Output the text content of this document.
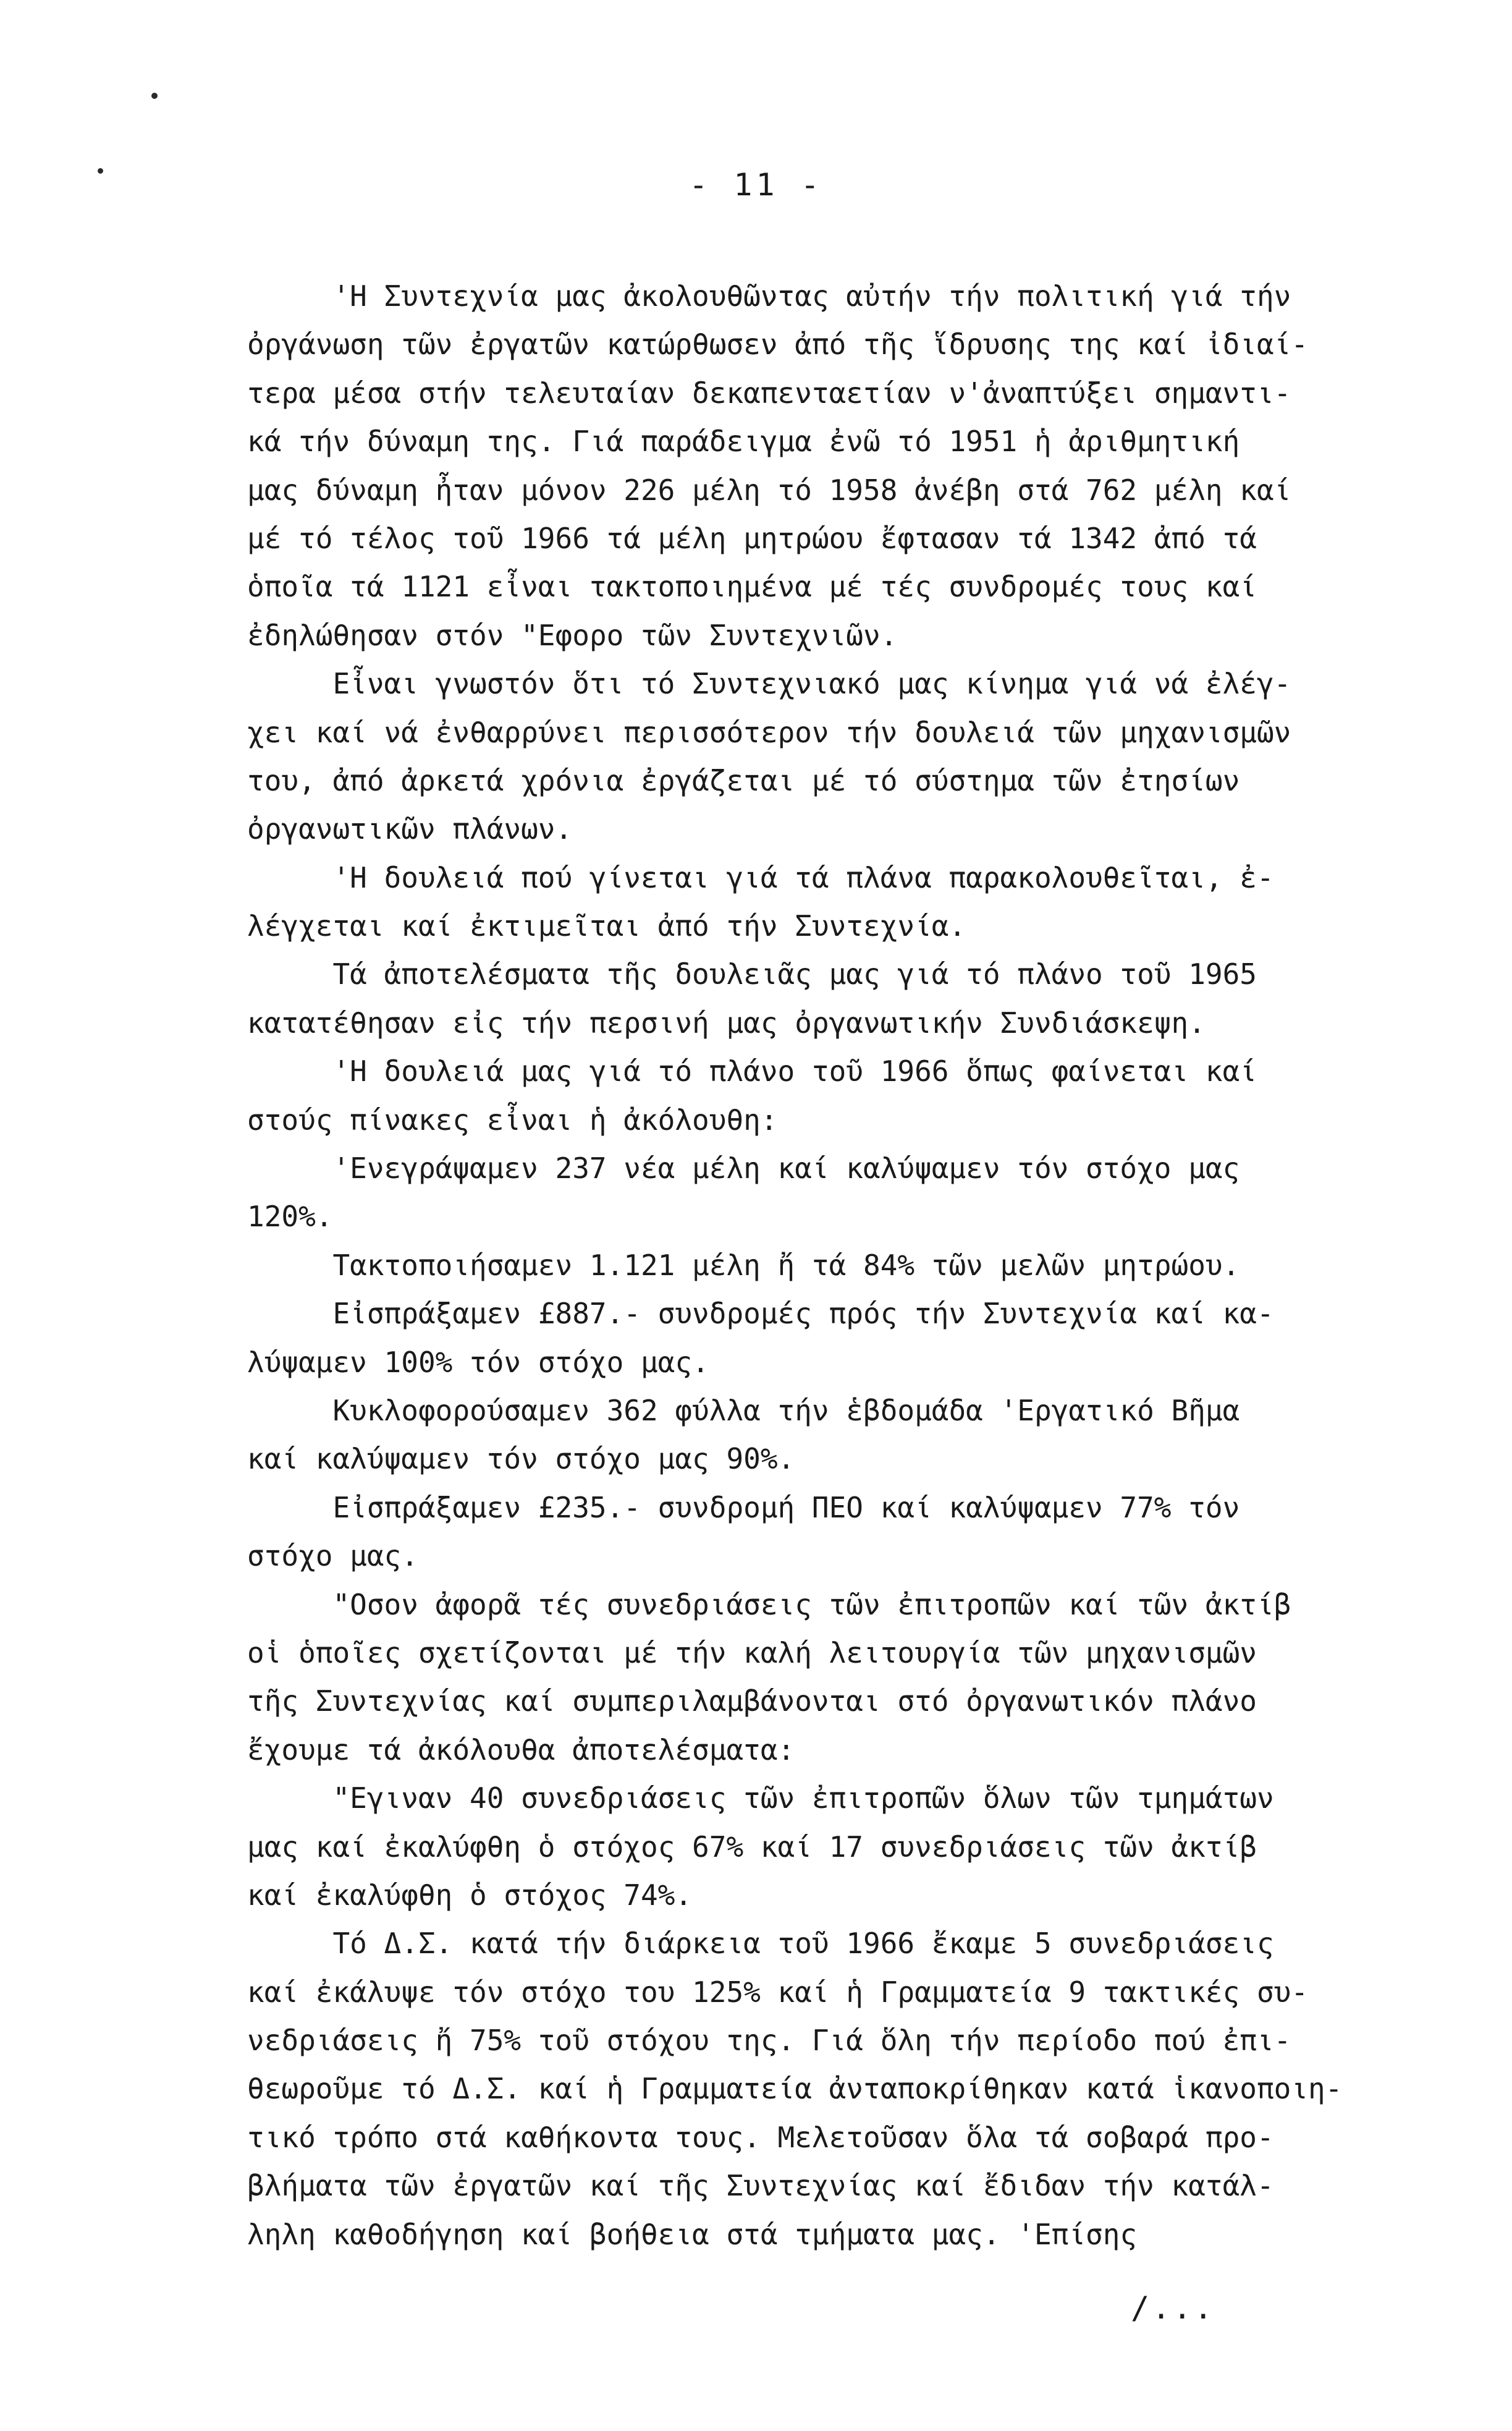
- 11 -
'Η Συντεχνία μας ἀκολουθῶντας αὐτήν τήν πολιτική γιά τήν
ὀργάνωση τῶν ἐργατῶν κατώρθωσεν ἀπό τῆς ἵδρυσης της καί ἰδιαί-
τερα μέσα στήν τελευταίαν δεκαπενταετίαν ν'ἀναπτύξει σημαντι-
κά τήν δύναμη της. Γιά παράδειγμα ἐνῶ τό 1951 ἡ ἀριθμητική
μας δύναμη ἦταν μόνον 226 μέλη τό 1958 ἀνέβη στά 762 μέλη καί
μέ τό τέλος τοῦ 1966 τά μέλη μητρώου ἔφτασαν τά 1342 ἀπό τά
ὁποῖα τά 1121 εἶναι τακτοποιημένα μέ τές συνδρομές τους καί
ἐδηλώθησαν στόν "Εφορο τῶν Συντεχνιῶν.
Εἶναι γνωστόν ὅτι τό Συντεχνιακό μας κίνημα γιά νά ἐλέγ-
χει καί νά ἐνθαρρύνει περισσότερον τήν δουλειά τῶν μηχανισμῶν
του, ἀπό ἀρκετά χρόνια ἐργάζεται μέ τό σύστημα τῶν ἐτησίων
ὀργανωτικῶν πλάνων.
'Η δουλειά πού γίνεται γιά τά πλάνα παρακολουθεῖται, ἐ-
λέγχεται καί ἐκτιμεῖται ἀπό τήν Συντεχνία.
Τά ἀποτελέσματα τῆς δουλειᾶς μας γιά τό πλάνο τοῦ 1965
κατατέθησαν εἰς τήν περσινή μας ὀργανωτικήν Συνδιάσκεψη.
'Η δουλειά μας γιά τό πλάνο τοῦ 1966 ὅπως φαίνεται καί
στούς πίνακες εἶναι ἡ ἀκόλουθη:
'Ενεγράψαμεν 237 νέα μέλη καί καλύψαμεν τόν στόχο μας
120%.
Τακτοποιήσαμεν 1.121 μέλη ἤ τά 84% τῶν μελῶν μητρώου.
Εἰσπράξαμεν £887.- συνδρομές πρός τήν Συντεχνία καί κα-
λύψαμεν 100% τόν στόχο μας.
Κυκλοφορούσαμεν 362 φύλλα τήν ἑβδομάδα 'Εργατικό Βῆμα
καί καλύψαμεν τόν στόχο μας 90%.
Εἰσπράξαμεν £235.- συνδρομή ΠΕΟ καί καλύψαμεν 77% τόν
στόχο μας.
"Οσον ἀφορᾶ τές συνεδριάσεις τῶν ἐπιτροπῶν καί τῶν ἀκτίβ
οἱ ὁποῖες σχετίζονται μέ τήν καλή λειτουργία τῶν μηχανισμῶν
τῆς Συντεχνίας καί συμπεριλαμβάνονται στό ὀργανωτικόν πλάνο
ἔχουμε τά ἀκόλουθα ἀποτελέσματα:
"Εγιναν 40 συνεδριάσεις τῶν ἐπιτροπῶν ὅλων τῶν τμημάτων
μας καί ἐκαλύφθη ὁ στόχος 67% καί 17 συνεδριάσεις τῶν ἀκτίβ
καί ἐκαλύφθη ὁ στόχος 74%.
Τό Δ.Σ. κατά τήν διάρκεια τοῦ 1966 ἔκαμε 5 συνεδριάσεις
καί ἐκάλυψε τόν στόχο του 125% καί ἡ Γραμματεία 9 τακτικές συ-
νεδριάσεις ἤ 75% τοῦ στόχου της. Γιά ὅλη τήν περίοδο πού ἐπι-
θεωροῦμε τό Δ.Σ. καί ἡ Γραμματεία ἀνταποκρίθηκαν κατά ἱκανοποιη-
τικό τρόπο στά καθήκοντα τους. Μελετοῦσαν ὅλα τά σοβαρά προ-
βλήματα τῶν ἐργατῶν καί τῆς Συντεχνίας καί ἔδιδαν τήν κατάλ-
ληλη καθοδήγηση καί βοήθεια στά τμήματα μας. 'Επίσης
/...
